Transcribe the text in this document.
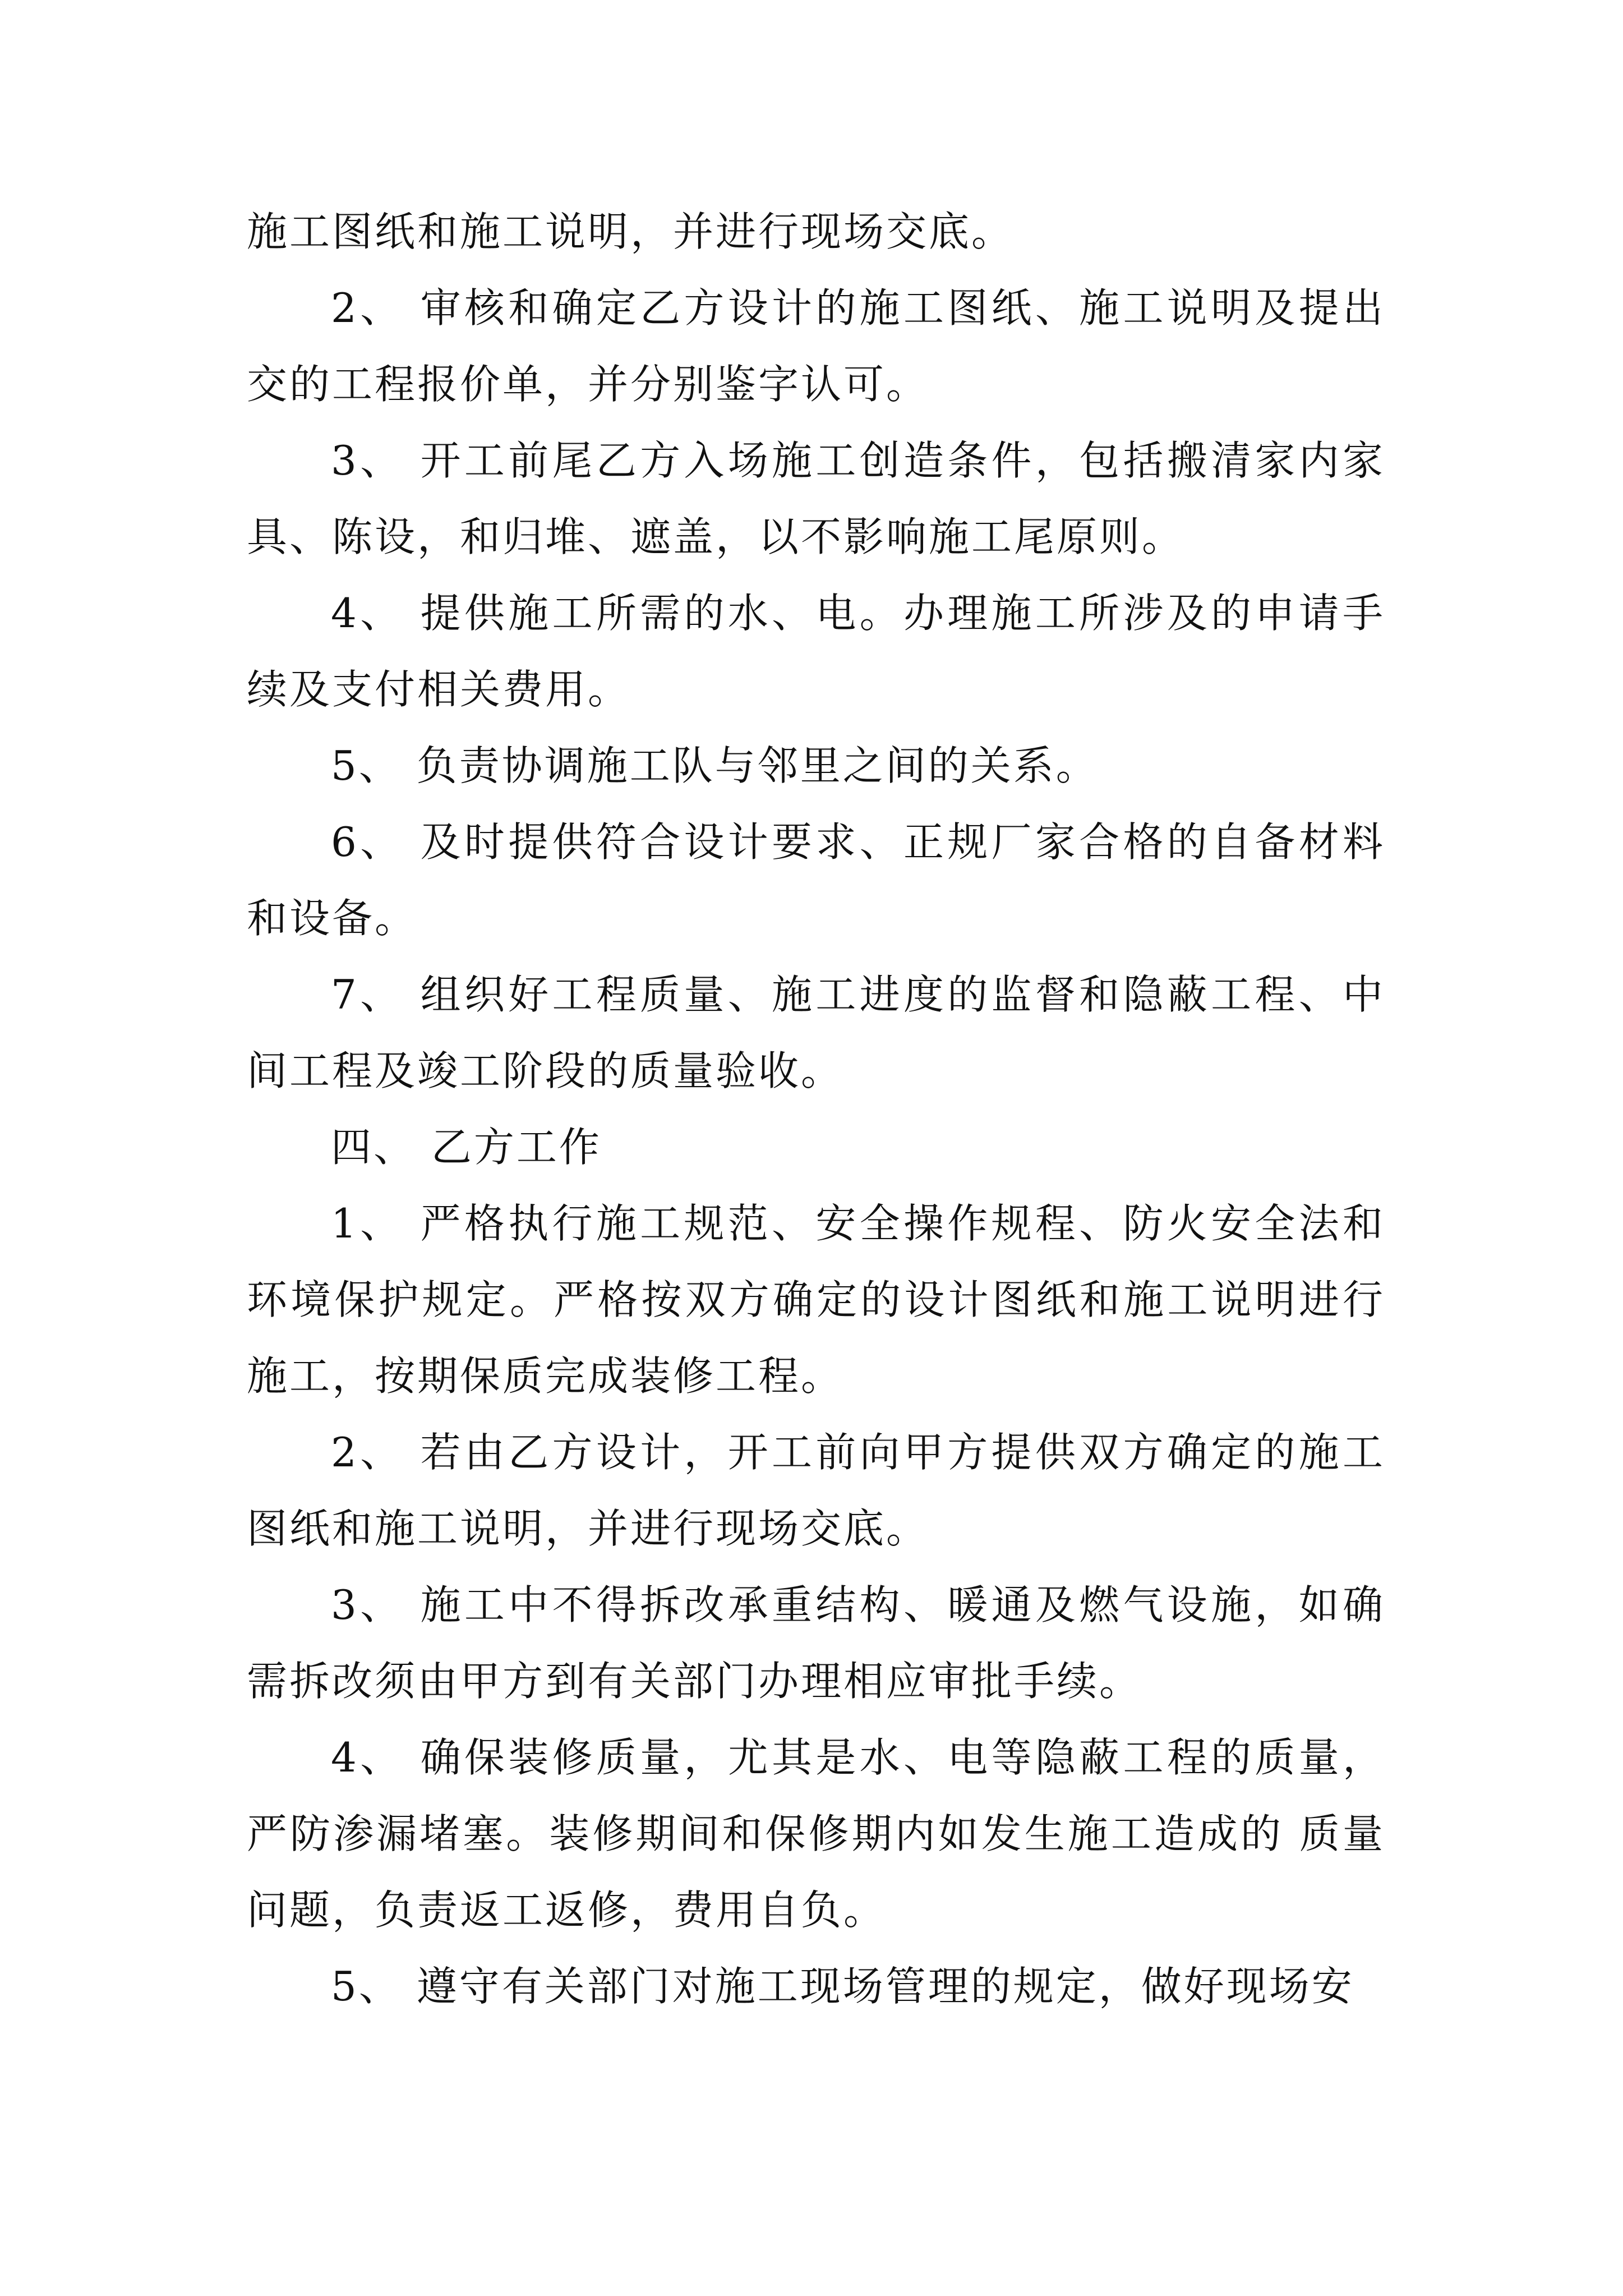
施工图纸和施工说明，并进行现场交底。

2、 审核和确定乙方设计的施工图纸、施工说明及提出交的工程报价单，并分别鉴字认可。

3、 开工前尾乙方入场施工创造条件，包括搬清家内家具、陈设，和归堆、遮盖，以不影响施工尾原则。

4、 提供施工所需的水、电。办理施工所涉及的申请手续及支付相关费用。

5、 负责协调施工队与邻里之间的关系。

6、 及时提供符合设计要求、正规厂家合格的自备材料和设备。

7、 组织好工程质量、施工进度的监督和隐蔽工程、中间工程及竣工阶段的质量验收。

四、 乙方工作

1、 严格执行施工规范、安全操作规程、防火安全法和环境保护规定。严格按双方确定的设计图纸和施工说明进行施工，按期保质完成装修工程。

2、 若由乙方设计，开工前向甲方提供双方确定的施工图纸和施工说明，并进行现场交底。

3、 施工中不得拆改承重结构、暖通及燃气设施，如确需拆改须由甲方到有关部门办理相应审批手续。

4、 确保装修质量，尤其是水、电等隐蔽工程的质量，严防渗漏堵塞。装修期间和保修期内如发生施工造成的 质量问题，负责返工返修，费用自负。

5、 遵守有关部门对施工现场管理的规定，做好现场安
